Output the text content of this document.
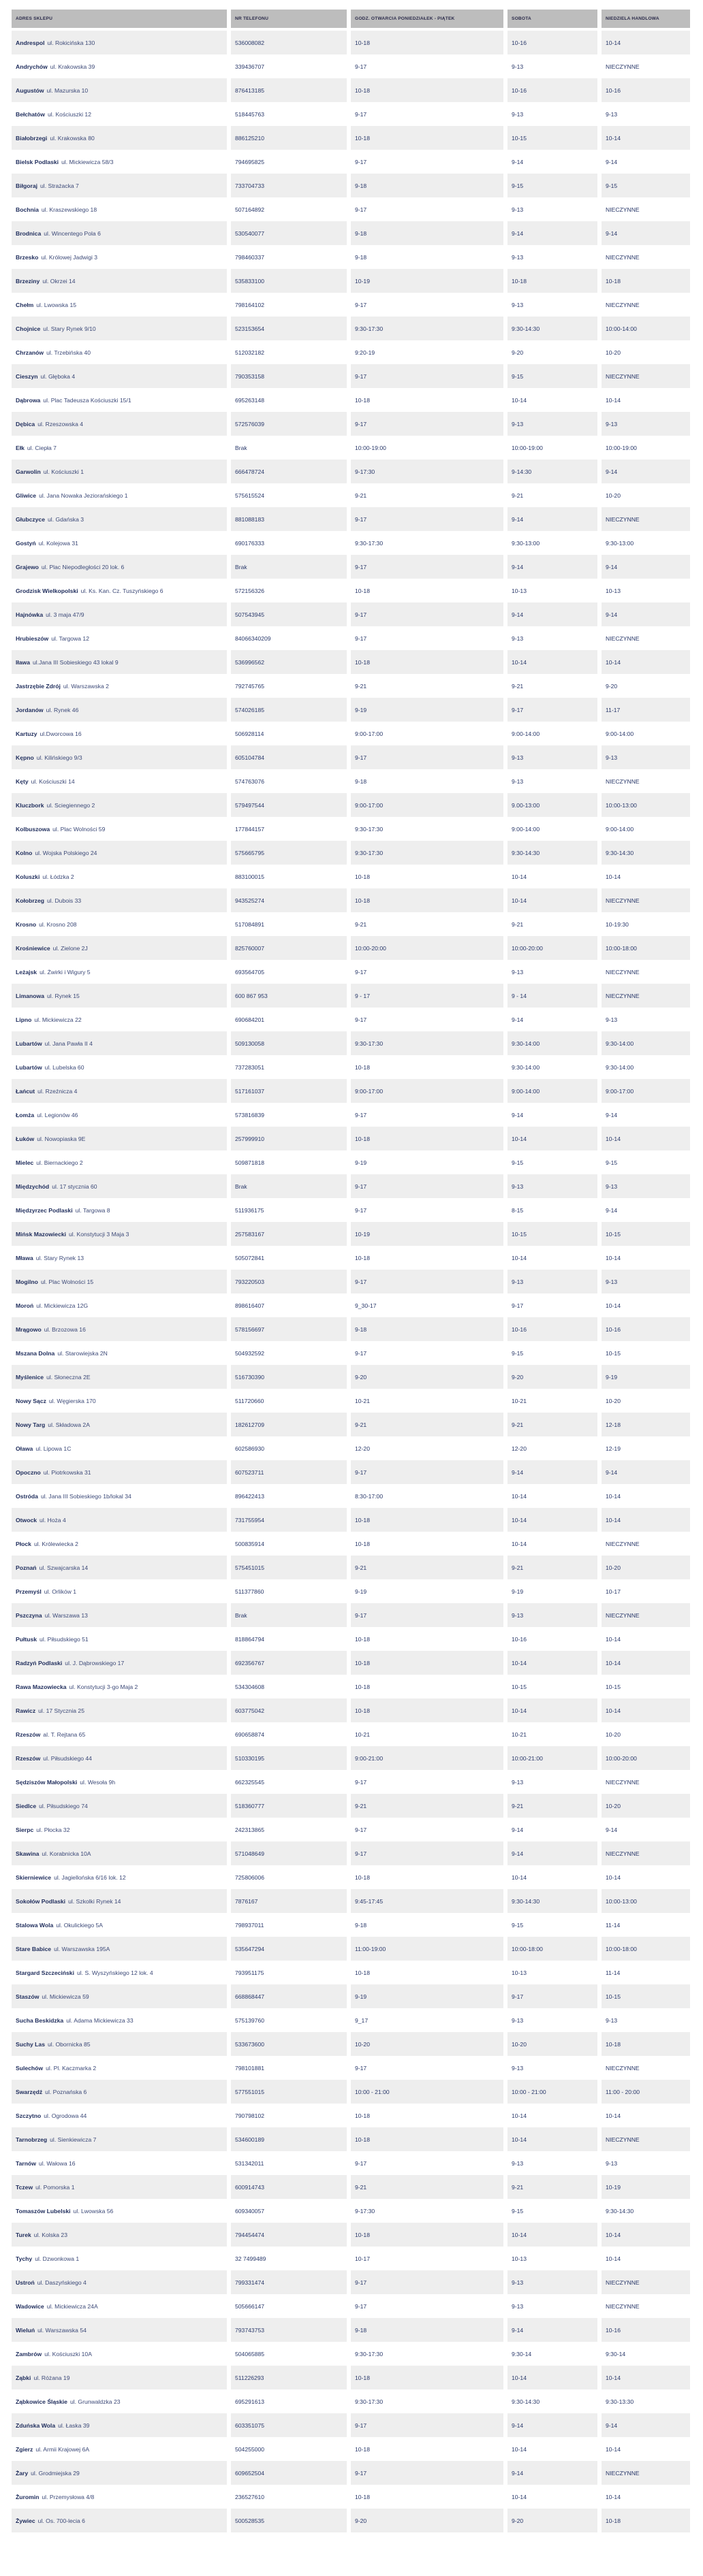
ADRES SKLEPU	NR TELEFONU	GODZ. OTWARCIA PONIEDZIAŁEK - PIĄTEK	SOBOTA	NIEDZIELA HANDLOWA
Andrespol ul. Rokicińska 130	536008082	10-18	10-16	10-14
Andrychów ul. Krakowska 39	339436707	9-17	9-13	NIECZYNNE
Augustów ul. Mazurska 10	876413185	10-18	10-16	10-16
Bełchatów ul. Kościuszki 12	518445763	9-17	9-13	9-13
Białobrzegi ul. Krakowska 80	886125210	10-18	10-15	10-14
Bielsk Podlaski ul. Mickiewicza 58/3	794695825	9-17	9-14	9-14
Biłgoraj ul. Strażacka 7	733704733	9-18	9-15	9-15
Bochnia ul. Kraszewskiego 18	507164892	9-17	9-13	NIECZYNNE
Brodnica ul. Wincentego Pola 6	530540077	9-18	9-14	9-14
Brzesko ul. Królowej Jadwigi 3	798460337	9-18	9-13	NIECZYNNE
Brzeziny ul. Okrzei 14	535833100	10-19	10-18	10-18
Chełm ul. Lwowska 15	798164102	9-17	9-13	NIECZYNNE
Chojnice ul. Stary Rynek 9/10	523153654	9:30-17:30	9:30-14:30	10:00-14:00
Chrzanów ul. Trzebińska 40	512032182	9:20-19	9-20	10-20
Cieszyn ul. Głęboka 4	790353158	9-17	9-15	NIECZYNNE
Dąbrowa ul. Plac Tadeusza Kościuszki 15/1	695263148	10-18	10-14	10-14
Dębica ul. Rzeszowska 4	572576039	9-17	9-13	9-13
Ełk ul. Ciepła 7	Brak	10:00-19:00	10:00-19:00	10:00-19:00
Garwolin ul. Kościuszki 1	666478724	9-17:30	9-14:30	9-14
Gliwice ul. Jana Nowaka Jeziorańskiego 1	575615524	9-21	9-21	10-20
Głubczyce ul. Gdańska 3	881088183	9-17	9-14	NIECZYNNE
Gostyń ul. Kolejowa 31	690176333	9:30-17:30	9:30-13:00	9:30-13:00
Grajewo ul. Plac Niepodległości 20 lok. 6	Brak	9-17	9-14	9-14
Grodzisk Wielkopolski ul. Ks. Kan. Cz. Tuszyńskiego 6	572156326	10-18	10-13	10-13
Hajnówka ul. 3 maja 47/9	507543945	9-17	9-14	9-14
Hrubieszów ul. Targowa 12	84066340209	9-17	9-13	NIECZYNNE
Iława ul.Jana III Sobieskiego 43 lokal 9	536996562	10-18	10-14	10-14
Jastrzębie Zdrój ul. Warszawska 2	792745765	9-21	9-21	9-20
Jordanów ul. Rynek 46	574026185	9-19	9-17	11-17
Kartuzy ul.Dworcowa 16	506928114	9:00-17:00	9:00-14:00	9:00-14:00
Kępno ul. Kilińskiego 9/3	605104784	9-17	9-13	9-13
Kęty ul. Kościuszki 14	574763076	9-18	9-13	NIECZYNNE
Kluczbork ul. Sciegiennego 2	579497544	9:00-17:00	9.00-13:00	10:00-13:00
Kolbuszowa ul. Plac Wolności 59	177844157	9:30-17:30	9:00-14:00	9:00-14:00
Kolno ul. Wojska Polskiego 24	575665795	9:30-17:30	9:30-14:30	9:30-14:30
Koluszki ul. Łódzka 2	883100015	10-18	10-14	10-14
Kołobrzeg ul. Dubois 33	943525274	10-18	10-14	NIECZYNNE
Krosno ul. Krosno 208	517084891	9-21	9-21	10-19:30
Krośniewice ul. Zielone 2J	825760007	10:00-20:00	10:00-20:00	10:00-18:00
Leżajsk ul. Żwirki i Wigury 5	693564705	9-17	9-13	NIECZYNNE
Limanowa ul. Rynek 15	600 867 953	9 - 17	9 - 14	NIECZYNNE
Lipno ul. Mickiewicza 22	690684201	9-17	9-14	9-13
Lubartów ul. Jana Pawła II 4	509130058	9:30-17:30	9:30-14:00	9:30-14:00
Lubartów ul. Lubelska 60	737283051	10-18	9:30-14:00	9:30-14:00
Łańcut ul. Rzeźnicza 4	517161037	9:00-17:00	9:00-14:00	9:00-17:00
Łomża ul. Legionów 46	573816839	9-17	9-14	9-14
Łuków ul. Nowopiaska 9E	257999910	10-18	10-14	10-14
Mielec ul. Biernackiego 2	509871818	9-19	9-15	9-15
Międzychód ul. 17 stycznia 60	Brak	9-17	9-13	9-13
Międzyrzec Podlaski ul. Targowa 8	511936175	9-17	8-15	9-14
Mińsk Mazowiecki ul. Konstytucji 3 Maja 3	257583167	10-19	10-15	10-15
Mława ul. Stary Rynek 13	505072841	10-18	10-14	10-14
Mogilno ul. Plac Wolności 15	793220503	9-17	9-13	9-13
Moroń ul. Mickiewicza 12G	898616407	9_30-17	9-17	10-14
Mrągowo ul. Brzozowa 16	578156697	9-18	10-16	10-16
Mszana Dolna ul. Starowiejska 2N	504932592	9-17	9-15	10-15
Myślenice ul. Słoneczna 2E	516730390	9-20	9-20	9-19
Nowy Sącz ul. Węgierska 170	511720660	10-21	10-21	10-20
Nowy Targ ul. Składowa 2A	182612709	9-21	9-21	12-18
Oława ul. Lipowa 1C	602586930	12-20	12-20	12-19
Opoczno ul. Piotrkowska 31	607523711	9-17	9-14	9-14
Ostróda ul. Jana III Sobieskiego 1b/lokal 34	896422413	8:30-17:00	10-14	10-14
Otwock ul. Hoża 4	731755954	10-18	10-14	10-14
Płock ul. Królewiecka 2	500835914	10-18	10-14	NIECZYNNE
Poznań ul. Szwajcarska 14	575451015	9-21	9-21	10-20
Przemyśl ul. Orlików 1	511377860	9-19	9-19	10-17
Pszczyna ul. Warszawa 13	Brak	9-17	9-13	NIECZYNNE
Pułtusk ul. Piłsudskiego 51	818864794	10-18	10-16	10-14
Radzyń Podlaski ul. J. Dąbrowskiego 17	692356767	10-18	10-14	10-14
Rawa Mazowiecka ul. Konstytucji 3-go Maja 2	534304608	10-18	10-15	10-15
Rawicz ul. 17 Stycznia 25	603775042	10-18	10-14	10-14
Rzeszów al. T. Rejtana 65	690658874	10-21	10-21	10-20
Rzeszów ul. Piłsudskiego 44	510330195	9:00-21:00	10:00-21:00	10:00-20:00
Sędziszów Małopolski ul. Wesoła 9h	662325545	9-17	9-13	NIECZYNNE
Siedlce ul. Piłsudskiego 74	518360777	9-21	9-21	10-20
Sierpc ul. Płocka 32	242313865	9-17	9-14	9-14
Skawina ul. Korabnicka 10A	571048649	9-17	9-14	NIECZYNNE
Skierniewice ul. Jagiellońska 6/16 lok. 12	725806006	10-18	10-14	10-14
Sokołów Podlaski ul. Szkolki Rynek 14	7876167	9:45-17:45	9:30-14:30	10:00-13:00
Stalowa Wola ul. Okulickiego 5A	798937011	9-18	9-15	11-14
Stare Babice ul. Warszawska 195A	535647294	11:00-19:00	10:00-18:00	10:00-18:00
Stargard Szczeciński ul. S. Wyszyńskiego 12 lok. 4	793951175	10-18	10-13	11-14
Staszów ul. Mickiewicza 59	668868447	9-19	9-17	10-15
Sucha Beskidzka ul. Adama Mickiewicza 33	575139760	9_17	9-13	9-13
Suchy Las ul. Obornicka 85	533673600	10-20	10-20	10-18
Sulechów ul. Pl. Kaczmarka 2	798101881	9-17	9-13	NIECZYNNE
Swarzędź ul. Poznańska 6	577551015	10:00 - 21:00	10:00 - 21:00	11:00 - 20:00
Szczytno ul. Ogrodowa 44	790798102	10-18	10-14	10-14
Tarnobrzeg ul. Sienkiewicza 7	534600189	10-18	10-14	NIECZYNNE
Tarnów ul. Wałowa 16	531342011	9-17	9-13	9-13
Tczew ul. Pomorska 1	600914743	9-21	9-21	10-19
Tomaszów Lubelski ul. Lwowska 56	609340057	9-17:30	9-15	9:30-14:30
Turek ul. Kolska 23	794454474	10-18	10-14	10-14
Tychy ul. Dzwonkowa 1	32 7499489	10-17	10-13	10-14
Ustroń ul. Daszyńskiego 4	799331474	9-17	9-13	NIECZYNNE
Wadowice ul. Mickiewicza 24A	505666147	9-17	9-13	NIECZYNNE
Wieluń ul. Warszawska 54	793743753	9-18	9-14	10-16
Zambrów ul. Kościuszki 10A	504065885	9:30-17:30	9:30-14	9:30-14
Ząbki ul. Różana 19	511226293	10-18	10-14	10-14
Ząbkowice Śląskie ul. Grunwaldzka 23	695291613	9:30-17:30	9:30-14:30	9:30-13:30
Zduńska Wola ul. Łaska 39	603351075	9-17	9-14	9-14
Zgierz ul. Armii Krajowej 6A	504255000	10-18	10-14	10-14
Żary ul. Grodmiejska 29	609652504	9-17	9-14	NIECZYNNE
Żuromin ul. Przemysłowa 4/8	236527610	10-18	10-14	10-14
Żywiec ul. Os. 700-lecia 6	500528535	9-20	9-20	10-18
